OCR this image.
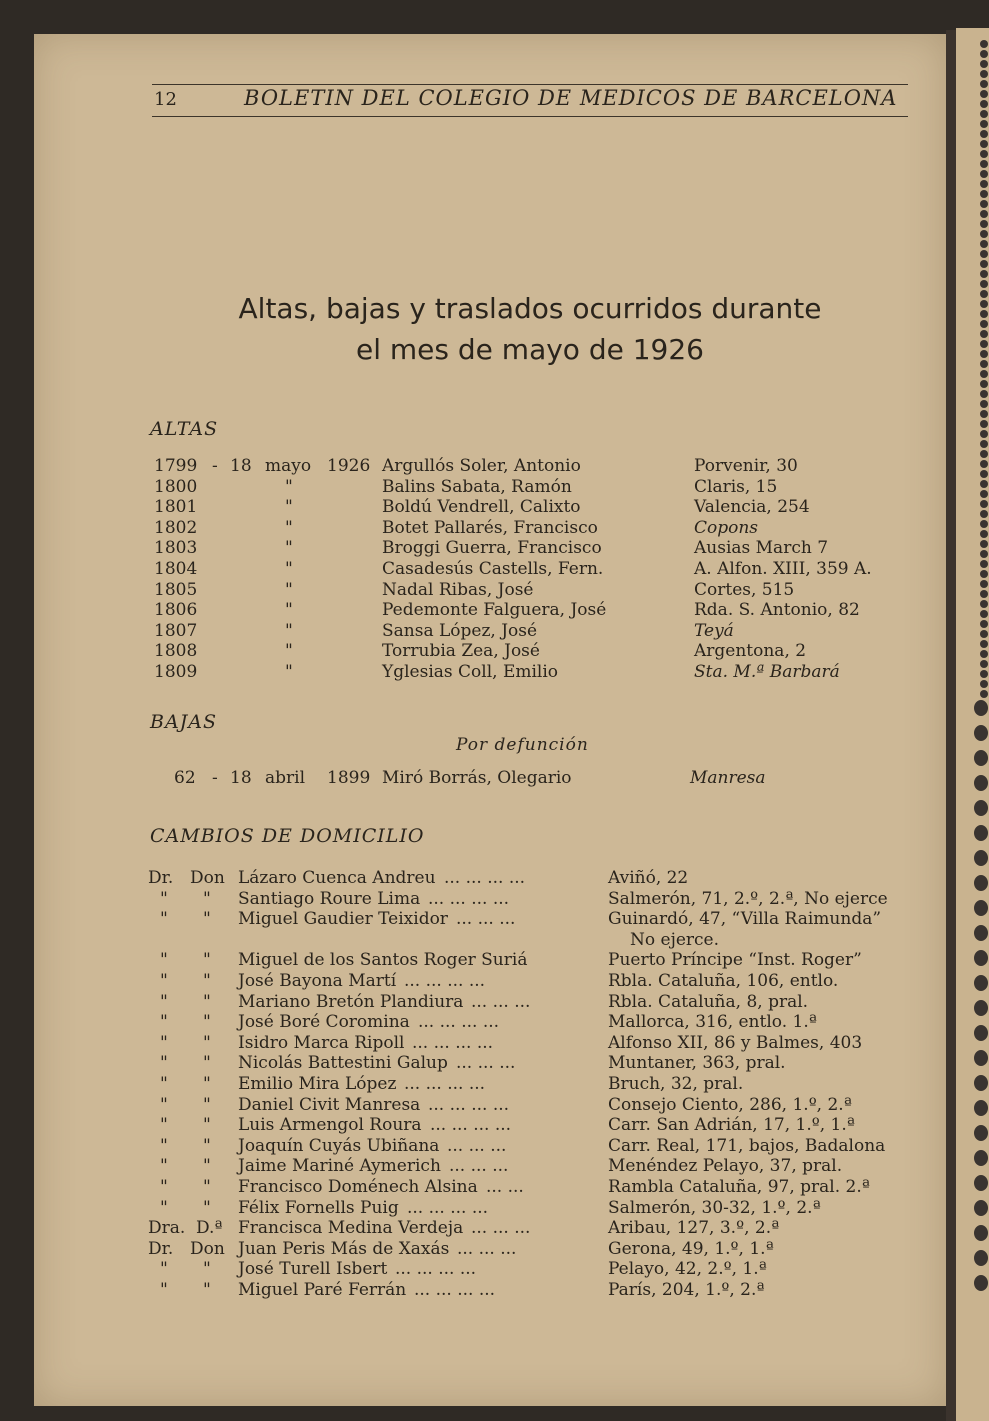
12	BOLETIN DEL COLEGIO DE MEDICOS DE BARCELONA
Altas, bajas y traslados ocurridos durante
el mes de mayo de 1926
ALTAS
1799 - 18 mayo 1926 Argullós Soler, Antonio	Porvenir, 30
1800	"	Balins Sabata, Ramón	Claris, 15
1801	"	Boldú Vendrell, Calixto	Valencia, 254
1802	"	Botet Pallarés, Francisco	Copons
1803	"	Broggi Guerra, Francisco	Ausias March 7
1804	"	Casadesús Castells, Fern.	A. Alfon. XIII, 359 A.
1805	"	Nadal Ribas, José	Cortes, 515
1806	"	Pedemonte Falguera, José	Rda. S. Antonio, 82
1807	"	Sansa López, José	Teyá
1808	"	Torrubia Zea, José	Argentona, 2
1809	"	Yglesias Coll, Emilio	Sta. M.ª Barbará
BAJAS
Por defunción
62 - 18 abril 1899 Miró Borrás, Olegario	Manresa
CAMBIOS DE DOMICILIO
Dr. Don Lázaro Cuenca Andreu ... ... ... ...	Aviñó, 22
" " Santiago Roure Lima ... ... ... ...	Salmerón, 71, 2.º, 2.ª, No ejerce
" " Miguel Gaudier Teixidor ... ... ...	Guinardó, 47, “Villa Raimunda”
No ejerce.
" " Miguel de los Santos Roger Suriá	Puerto Príncipe “Inst. Roger”
" " José Bayona Martí ... ... ... ...	Rbla. Cataluña, 106, entlo.
" " Mariano Bretón Plandiura ... ... ...	Rbla. Cataluña, 8, pral.
" " José Boré Coromina ... ... ... ...	Mallorca, 316, entlo. 1.ª
" " Isidro Marca Ripoll ... ... ... ...	Alfonso XII, 86 y Balmes, 403
" " Nicolás Battestini Galup ... ... ...	Muntaner, 363, pral.
" " Emilio Mira López ... ... ... ...	Bruch, 32, pral.
" " Daniel Civit Manresa ... ... ... ...	Consejo Ciento, 286, 1.º, 2.ª
" " Luis Armengol Roura ... ... ... ...	Carr. San Adrián, 17, 1.º, 1.ª
" " Joaquín Cuyás Ubiñana ... ... ...	Carr. Real, 171, bajos, Badalona
" " Jaime Mariné Aymerich ... ... ...	Menéndez Pelayo, 37, pral.
" " Francisco Doménech Alsina ... ...	Rambla Cataluña, 97, pral. 2.ª
" " Félix Fornells Puig ... ... ... ...	Salmerón, 30-32, 1.º, 2.ª
Dra. D.ª Francisca Medina Verdeja ... ... ...	Aribau, 127, 3.º, 2.ª
Dr. Don Juan Peris Más de Xaxás ... ... ...	Gerona, 49, 1.º, 1.ª
" " José Turell Isbert ... ... ... ...	Pelayo, 42, 2.º, 1.ª
" " Miguel Paré Ferrán ... ... ... ...	París, 204, 1.º, 2.ª
